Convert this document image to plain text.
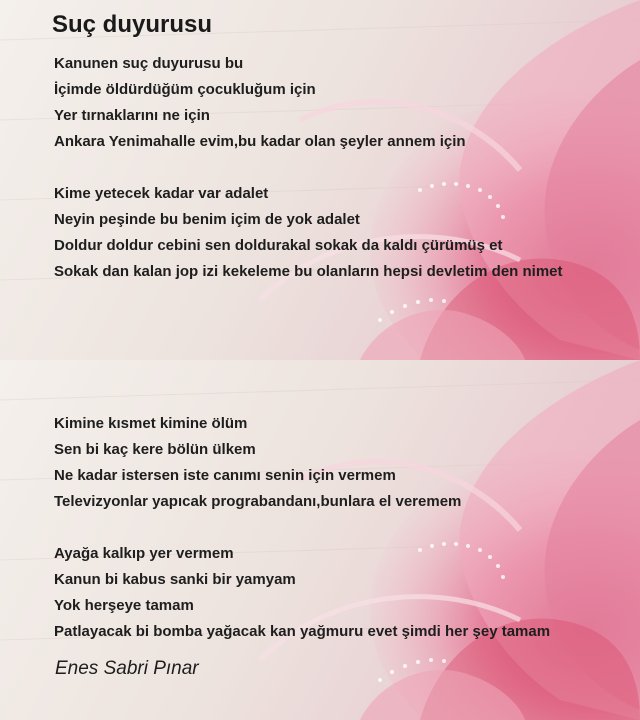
Suç duyurusu
Kanunen suç duyurusu bu
İçimde öldürdüğüm çocukluğum için
Yer tırnaklarını ne için
Ankara Yenimahalle evim,bu kadar olan şeyler annem için
Kime yetecek kadar var adalet
Neyin peşinde bu benim içim de yok adalet
Doldur doldur cebini sen doldurakal sokak da kaldı çürümüş et
Sokak dan kalan jop izi kekeleme bu olanların hepsi devletim den nimet
Kimine kısmet kimine ölüm
Sen bi kaç kere bölün ülkem
Ne kadar istersen iste canımı senin için vermem
Televizyonlar yapıcak prograbandanı,bunlara el veremem
Ayağa kalkıp yer vermem
Kanun bi kabus sanki bir yamyam
Yok herşeye tamam
Patlayacak bi bomba yağacak kan yağmuru evet şimdi her şey tamam
Enes Sabri Pınar
